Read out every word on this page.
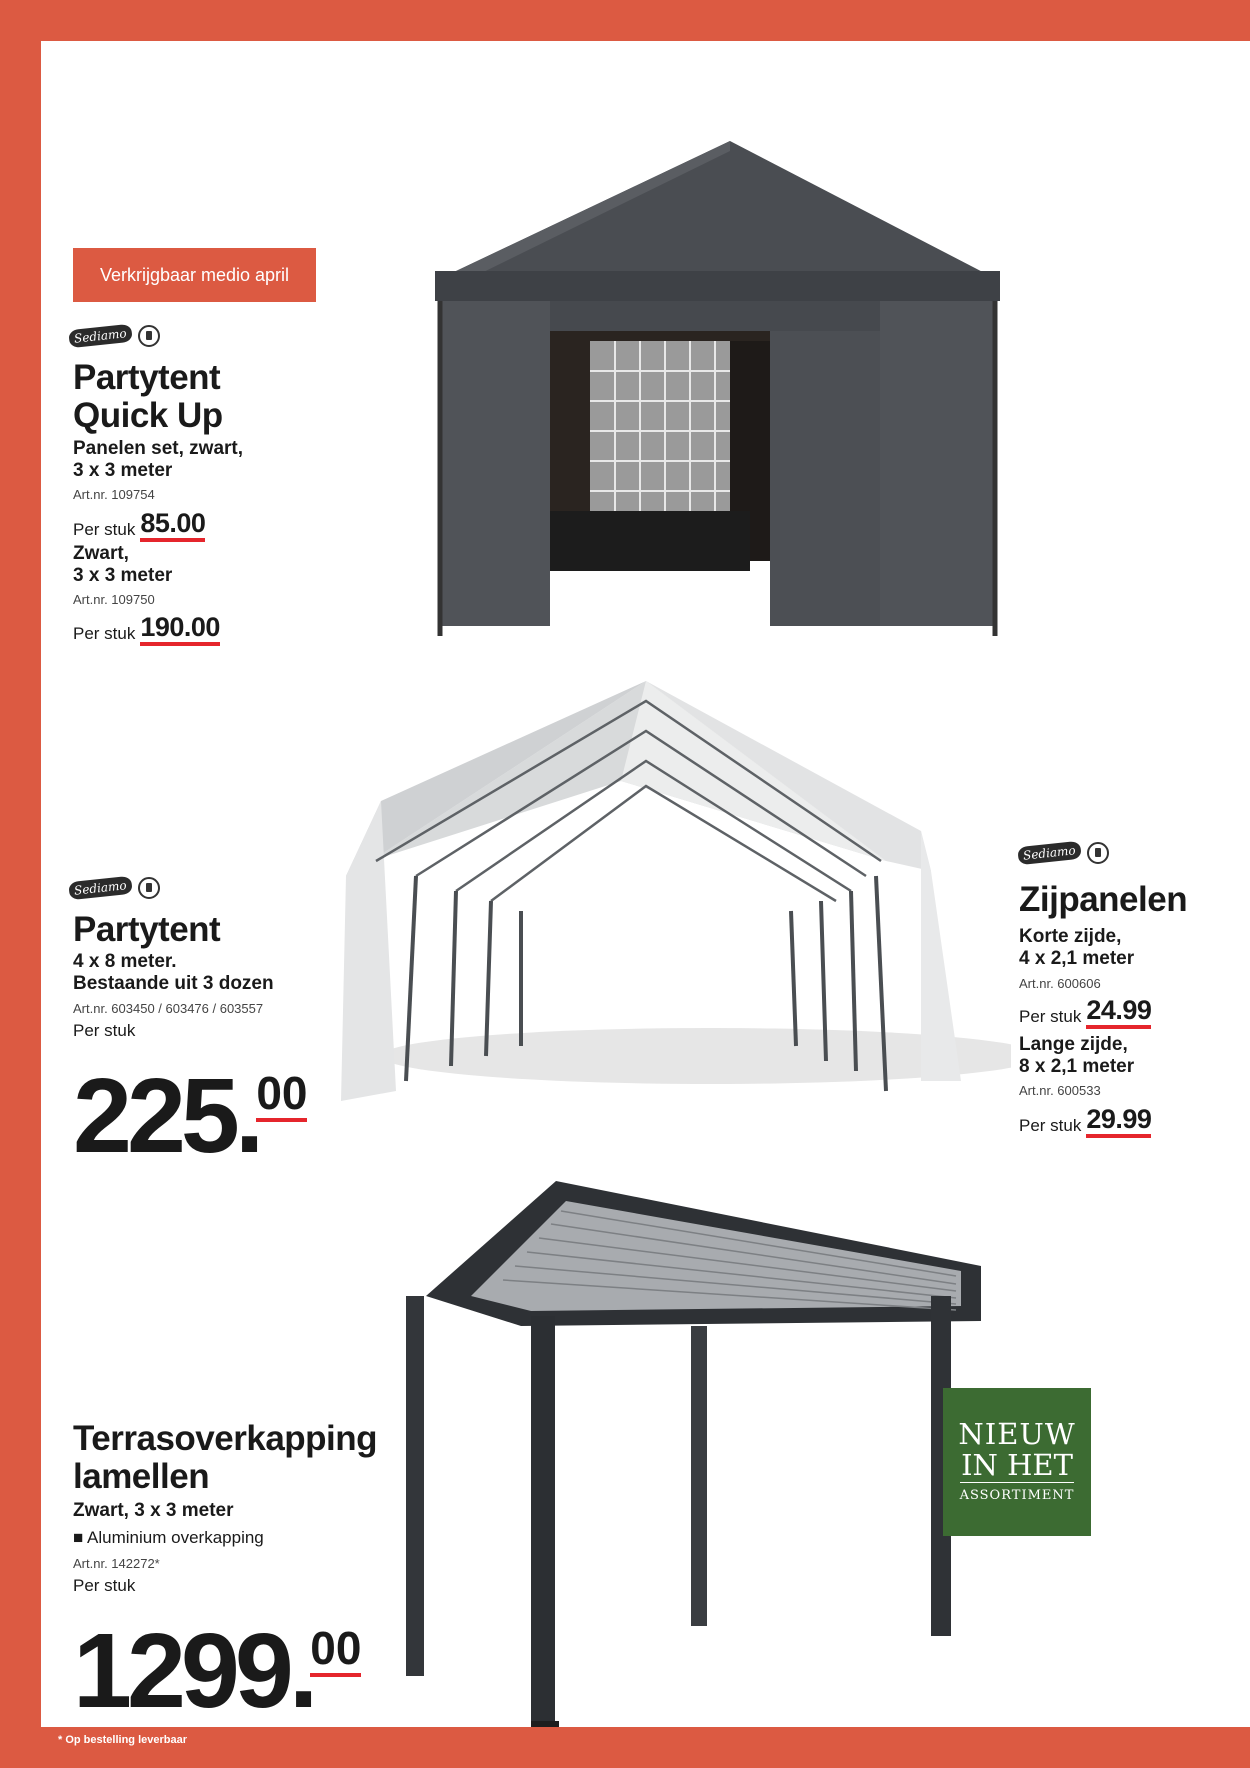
Verkrijgbaar medio april
Sediamo
Partytent
Quick Up
Panelen set, zwart,
3 x 3 meter
Art.nr. 109754
Per stuk 85.00
Zwart,
3 x 3 meter
Art.nr. 109750
Per stuk 190.00
Sediamo
Partytent
4 x 8 meter.
Bestaande uit 3 dozen
Art.nr. 603450 / 603476 / 603557
Per stuk
225 .
00
Sediamo
Zijpanelen
Korte zijde,
4 x 2,1 meter
Art.nr. 600606
Per stuk 24.99
Lange zijde,
8 x 2,1 meter
Art.nr. 600533
Per stuk 29.99
Terrasoverkapping
lamellen
Zwart, 3 x 3 meter
■ Aluminium overkapping
Art.nr. 142272*
Per stuk
1299 .
00
NIEUW
IN HET
ASSORTIMENT
* Op bestelling leverbaar
